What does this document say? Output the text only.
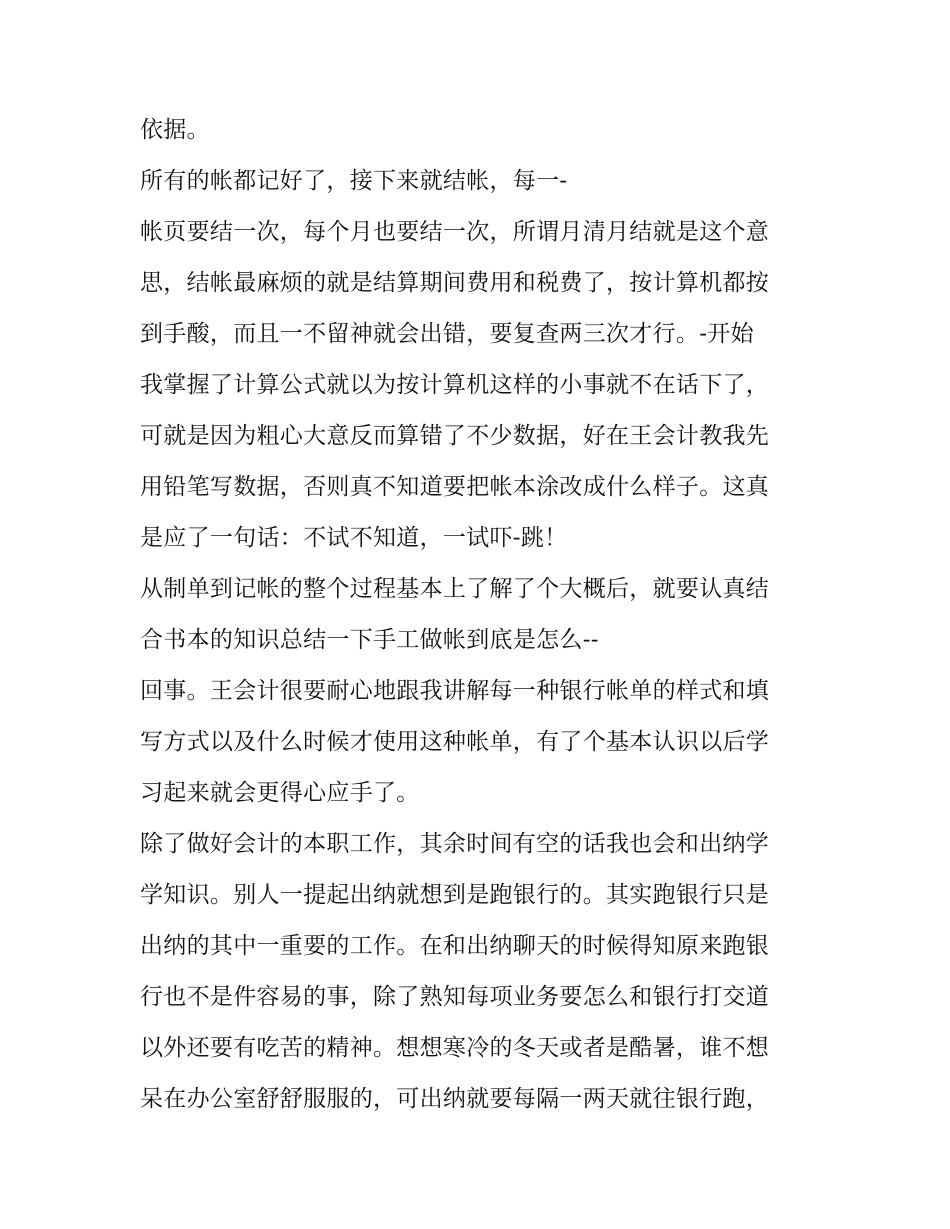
依据。
所有的帐都记好了，接下来就结帐，每一-
帐页要结一次，每个月也要结一次，所谓月清月结就是这个意
思，结帐最麻烦的就是结算期间费用和税费了，按计算机都按
到手酸，而且一不留神就会出错，要复查两三次才行。-开始
我掌握了计算公式就以为按计算机这样的小事就不在话下了，
可就是因为粗心大意反而算错了不少数据，好在王会计教我先
用铅笔写数据，否则真不知道要把帐本涂改成什么样子。这真
是应了一句话：不试不知道，一试吓-跳！
从制单到记帐的整个过程基本上了解了个大概后，就要认真结
合书本的知识总结一下手工做帐到底是怎么--
回事。王会计很要耐心地跟我讲解每一种银行帐单的样式和填
写方式以及什么时候才使用这种帐单，有了个基本认识以后学
习起来就会更得心应手了。
除了做好会计的本职工作，其余时间有空的话我也会和出纳学
学知识。别人一提起出纳就想到是跑银行的。其实跑银行只是
出纳的其中一重要的工作。在和出纳聊天的时候得知原来跑银
行也不是件容易的事，除了熟知每项业务要怎么和银行打交道
以外还要有吃苦的精神。想想寒冷的冬天或者是酷暑，谁不想
呆在办公室舒舒服服的，可出纳就要每隔一两天就往银行跑，
